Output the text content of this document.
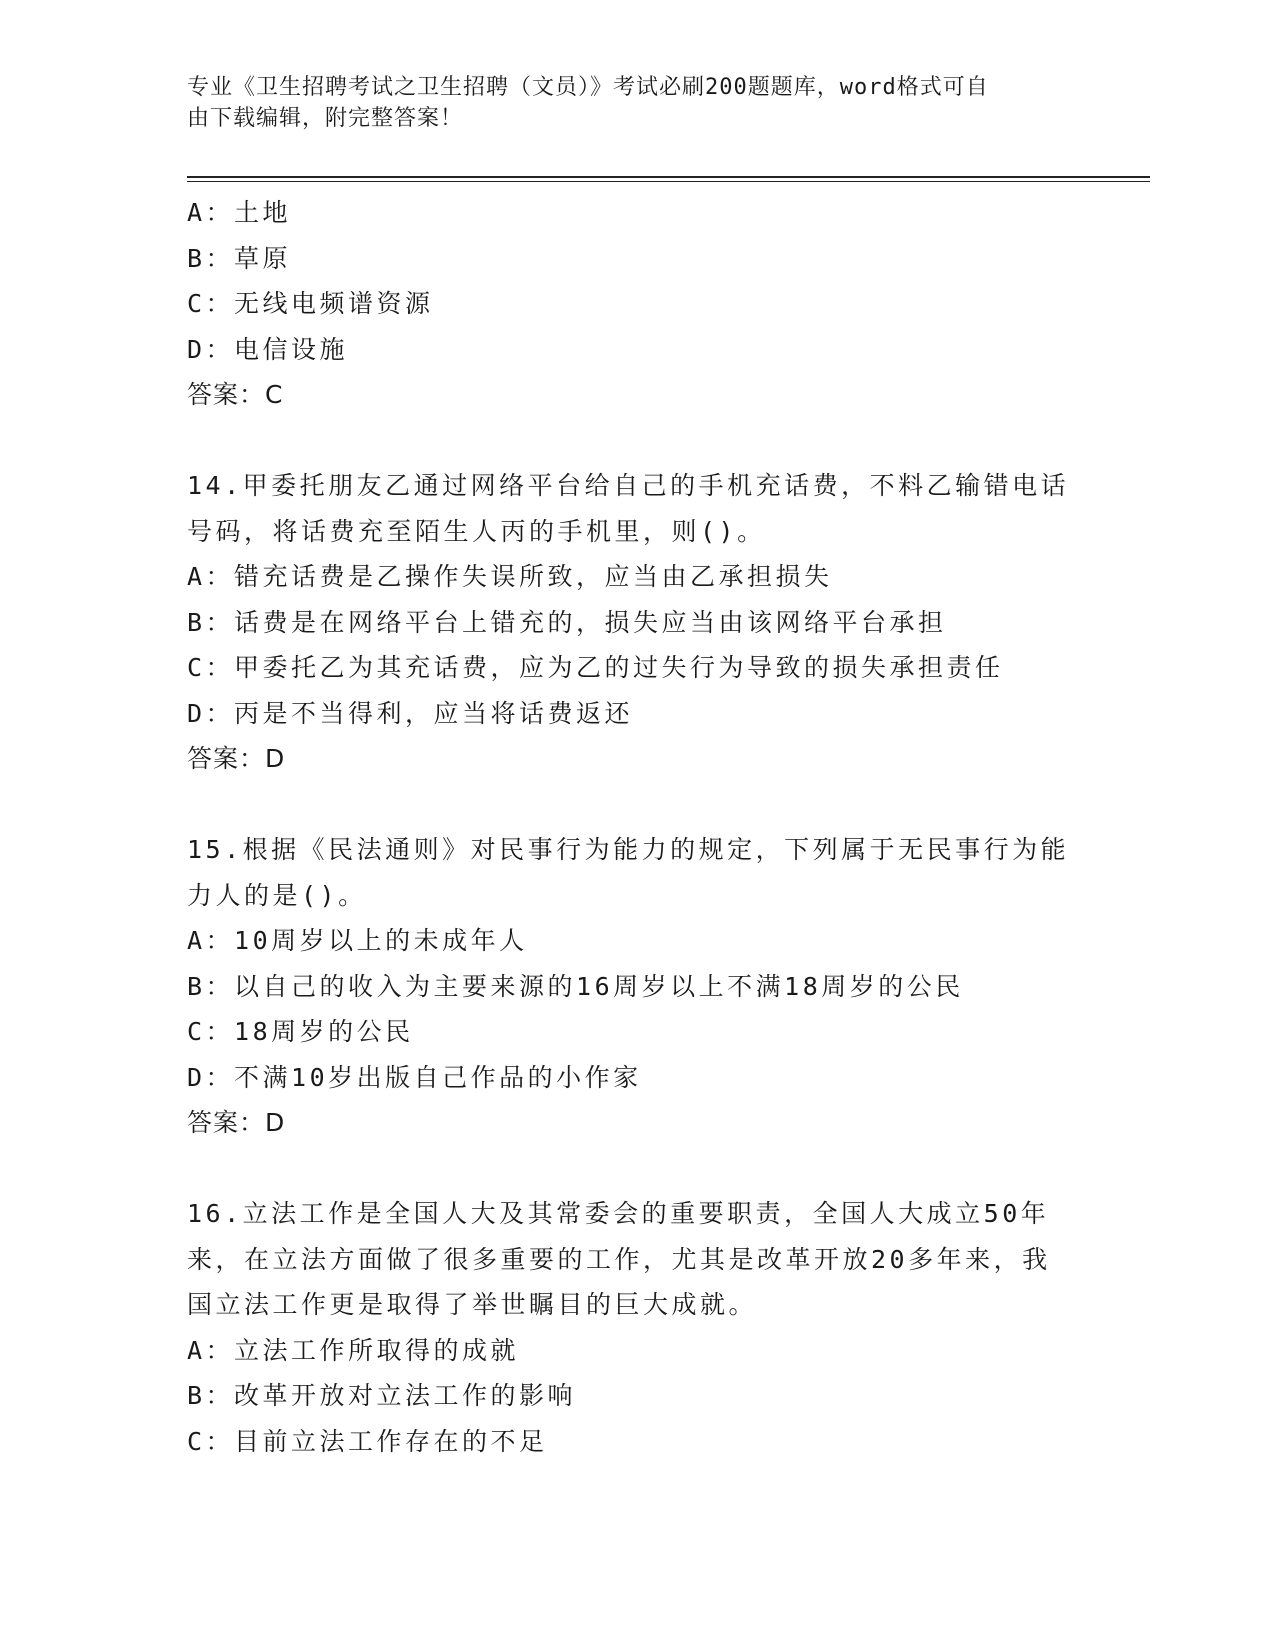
专业《卫生招聘考试之卫生招聘（文员）》考试必刷200题题库，word格式可自
由下载编辑，附完整答案！
A：土地
B：草原
C：无线电频谱资源
D：电信设施
答案：C
14.甲委托朋友乙通过网络平台给自己的手机充话费，不料乙输错电话
号码，将话费充至陌生人丙的手机里，则()。
A：错充话费是乙操作失误所致，应当由乙承担损失
B：话费是在网络平台上错充的，损失应当由该网络平台承担
C：甲委托乙为其充话费，应为乙的过失行为导致的损失承担责任
D：丙是不当得利，应当将话费返还
答案：D
15.根据《民法通则》对民事行为能力的规定，下列属于无民事行为能
力人的是()。
A：10周岁以上的未成年人
B：以自己的收入为主要来源的16周岁以上不满18周岁的公民
C：18周岁的公民
D：不满10岁出版自己作品的小作家
答案：D
16.立法工作是全国人大及其常委会的重要职责，全国人大成立50年
来，在立法方面做了很多重要的工作，尤其是改革开放20多年来，我
国立法工作更是取得了举世瞩目的巨大成就。
A：立法工作所取得的成就
B：改革开放对立法工作的影响
C：目前立法工作存在的不足
